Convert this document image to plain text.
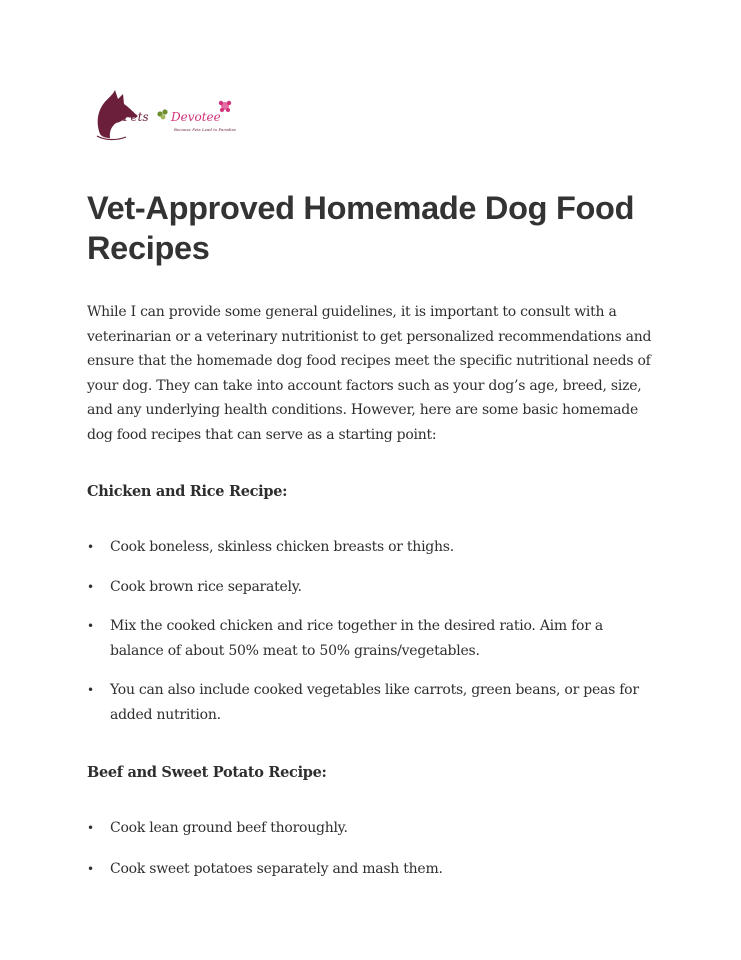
Pets Devotee
Because Pets Lead to Paradise
Vet-Approved Homemade Dog Food Recipes

While I can provide some general guidelines, it is important to consult with a veterinarian or a veterinary nutritionist to get personalized recommendations and ensure that the homemade dog food recipes meet the specific nutritional needs of your dog. They can take into account factors such as your dog’s age, breed, size, and any underlying health conditions. However, here are some basic homemade dog food recipes that can serve as a starting point:

Chicken and Rice Recipe:
• Cook boneless, skinless chicken breasts or thighs.
• Cook brown rice separately.
• Mix the cooked chicken and rice together in the desired ratio. Aim for a balance of about 50% meat to 50% grains/vegetables.
• You can also include cooked vegetables like carrots, green beans, or peas for added nutrition.
Beef and Sweet Potato Recipe:
• Cook lean ground beef thoroughly.
• Cook sweet potatoes separately and mash them.
